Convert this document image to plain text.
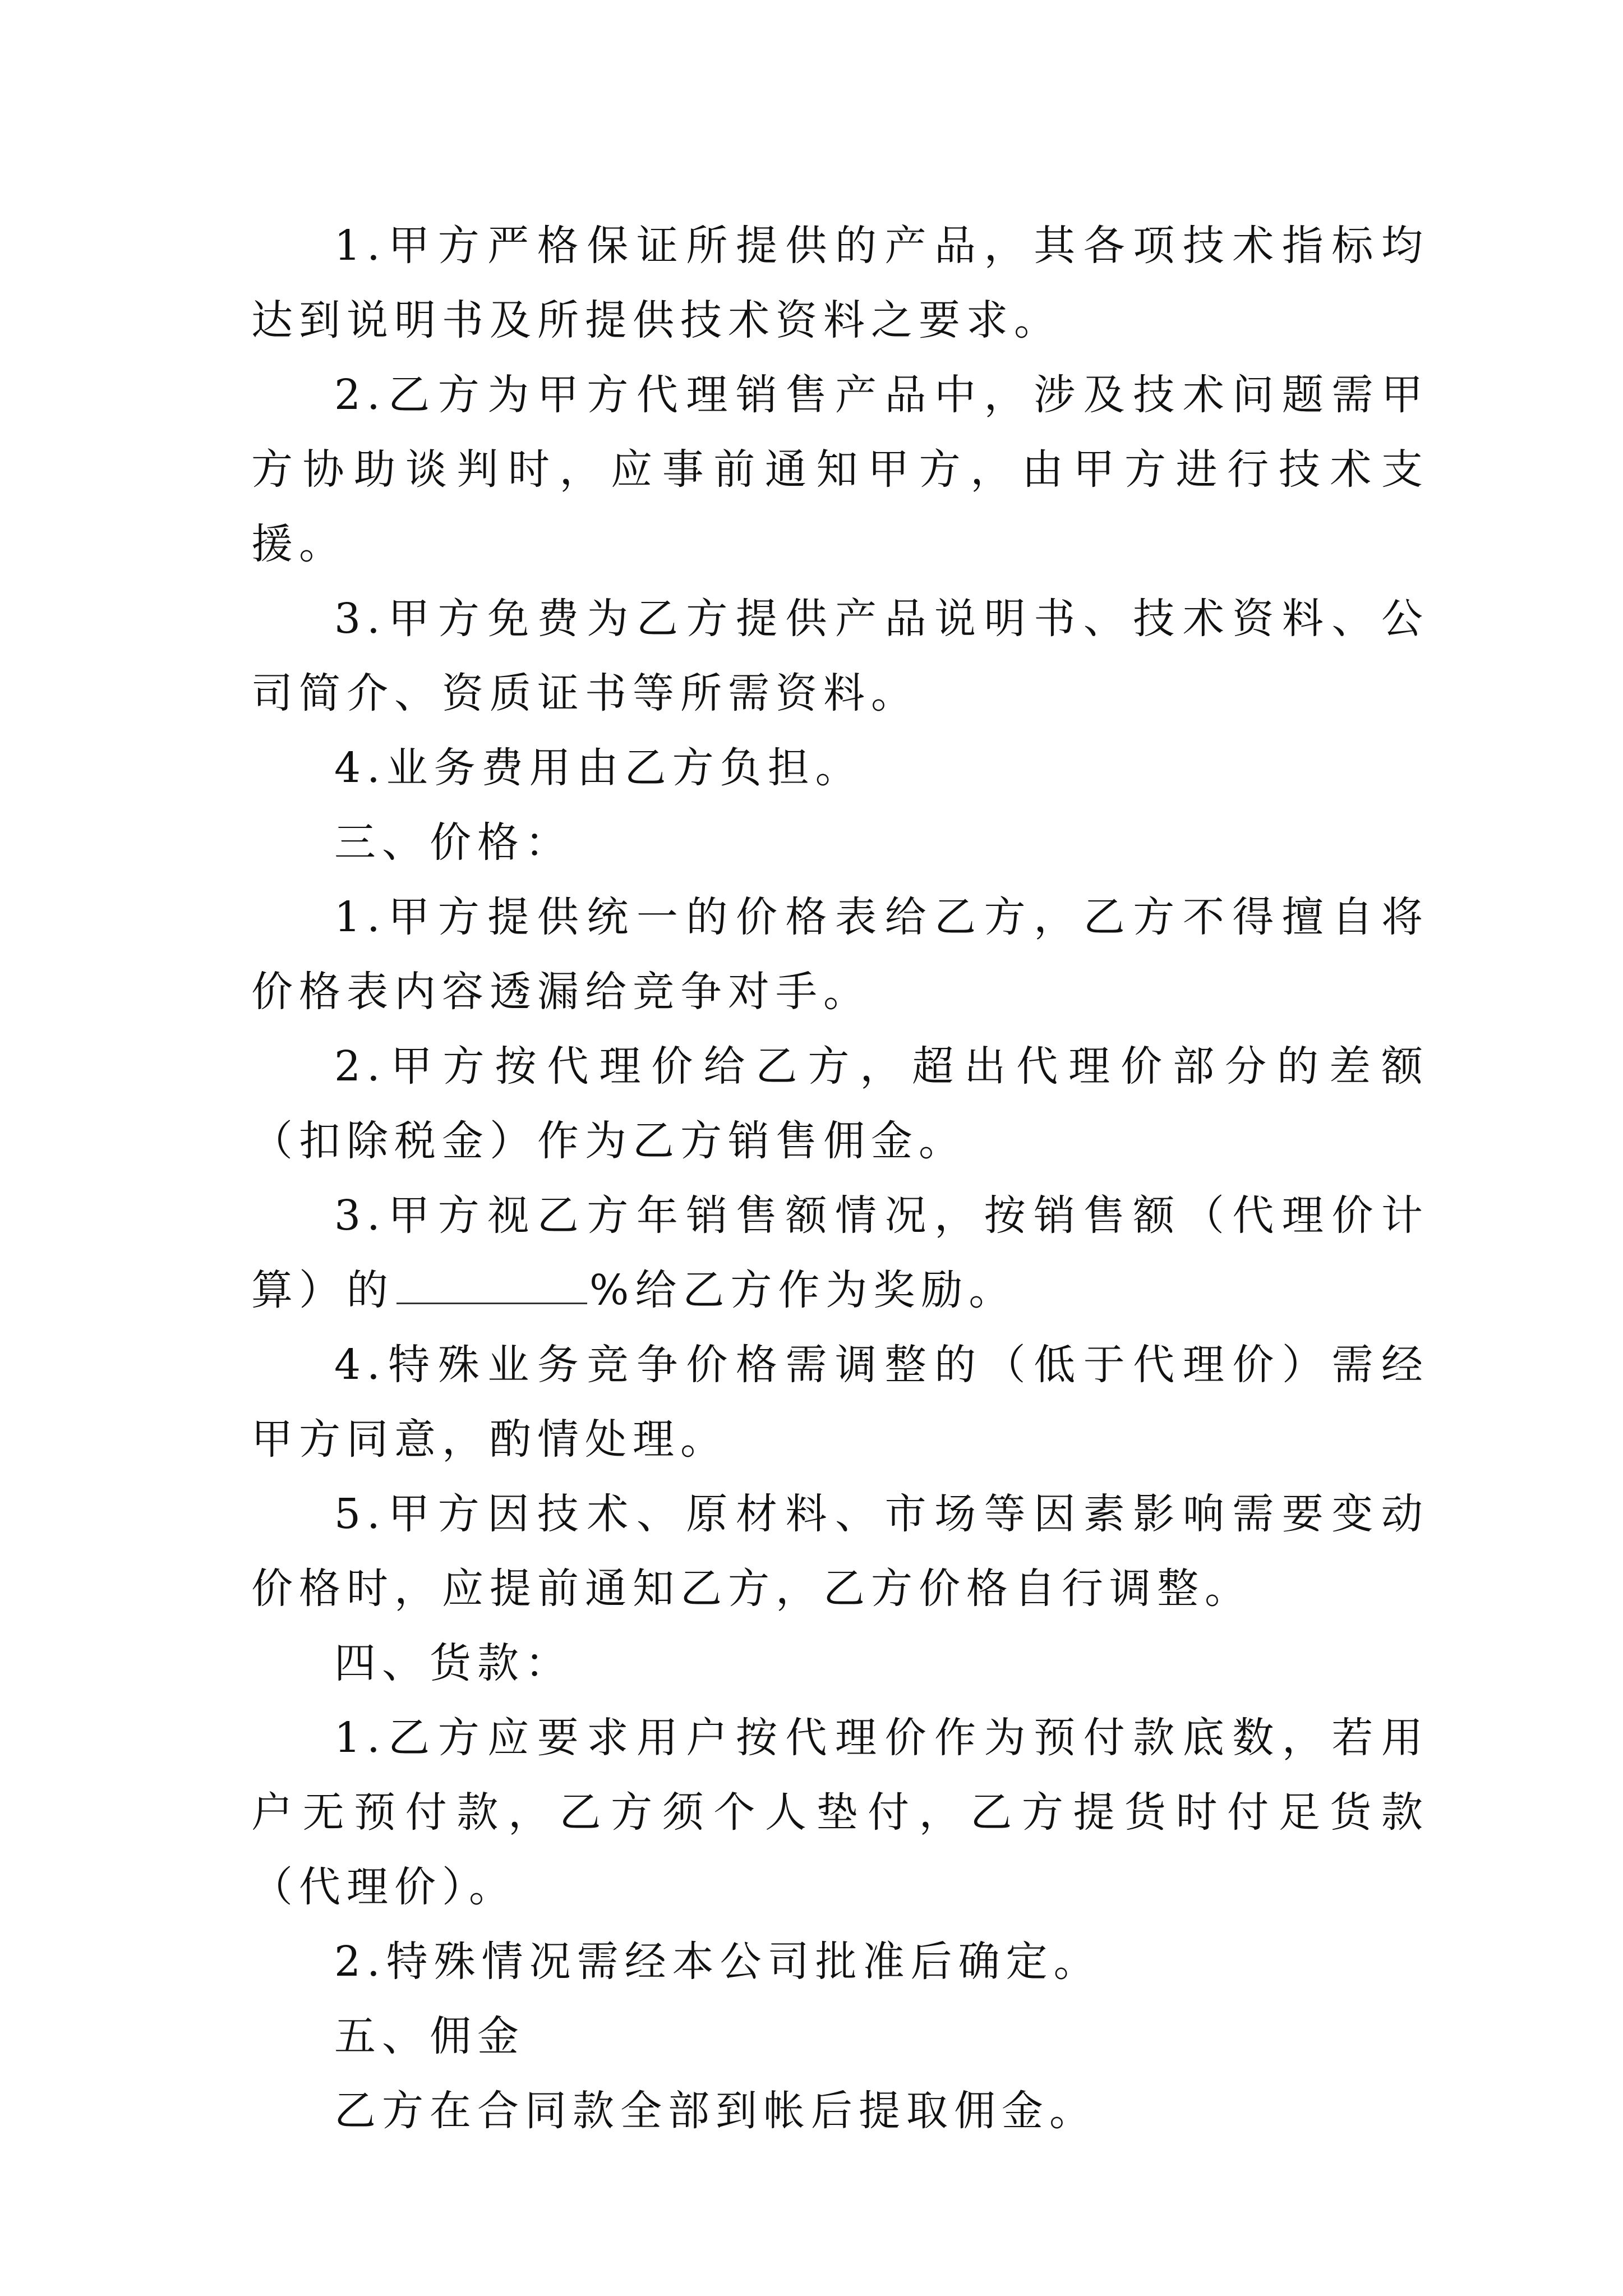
1.甲方严格保证所提供的产品，其各项技术指标均达到说明书及所提供技术资料之要求。

2.乙方为甲方代理销售产品中，涉及技术问题需甲方协助谈判时，应事前通知甲方，由甲方进行技术支援。

3.甲方免费为乙方提供产品说明书、技术资料、公司简介、资质证书等所需资料。

4.业务费用由乙方负担。

三、价格：

1.甲方提供统一的价格表给乙方，乙方不得擅自将价格表内容透漏给竞争对手。

2.甲方按代理价给乙方，超出代理价部分的差额（扣除税金）作为乙方销售佣金。

3.甲方视乙方年销售额情况，按销售额（代理价计算）的	%给乙方作为奖励。

4.特殊业务竞争价格需调整的（低于代理价）需经甲方同意，酌情处理。

5.甲方因技术、原材料、市场等因素影响需要变动价格时，应提前通知乙方，乙方价格自行调整。

四、货款：

1.乙方应要求用户按代理价作为预付款底数，若用户无预付款，乙方须个人垫付，乙方提货时付足货款（代理价）。

2.特殊情况需经本公司批准后确定。

五、佣金

乙方在合同款全部到帐后提取佣金。
